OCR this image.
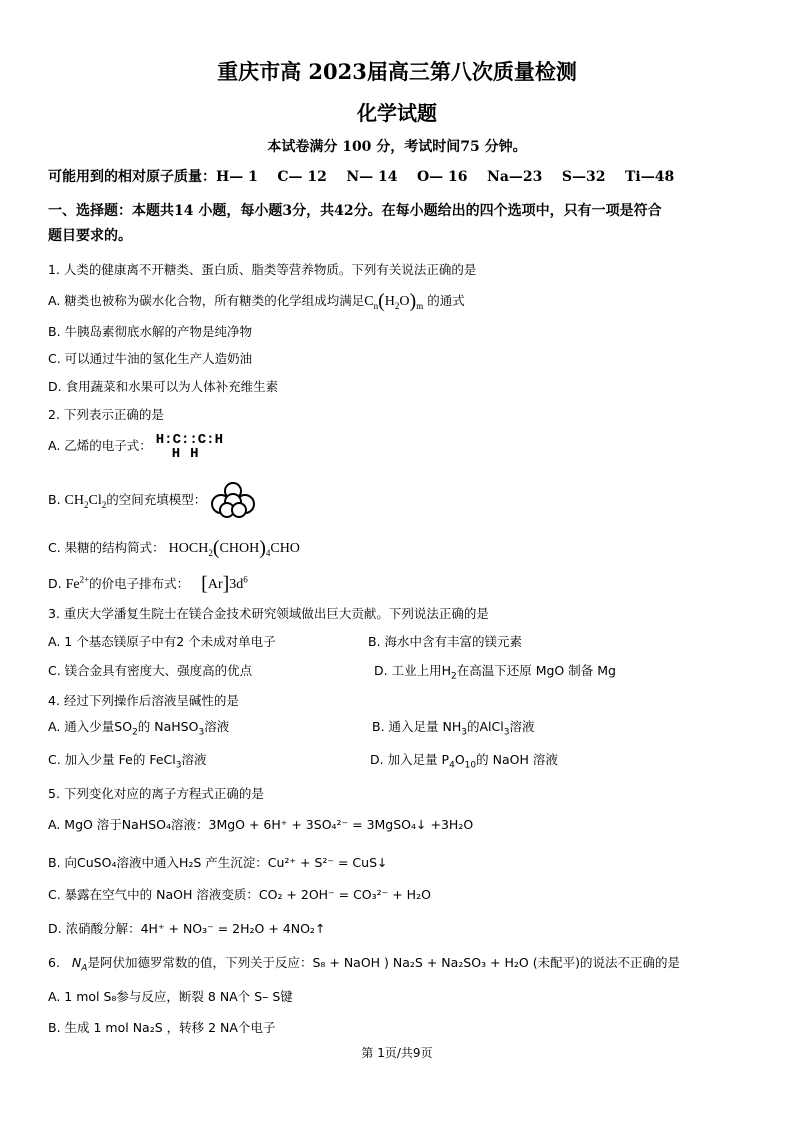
重庆市高 2023届高三第八次质量检测
化学试题
本试卷满分 100 分，考试时间75 分钟。
可能用到的相对原子质量：H— 1    C— 12    N— 14    O— 16    Na—23    S—32    Ti—48
一、选择题：本题共14 小题，每小题3分，共42分。在每小题给出的四个选项中，只有一项是符合
题目要求的。
1. 人类的健康离不开糖类、蛋白质、脂类等营养物质。下列有关说法正确的是
A. 糖类也被称为碳水化合物，所有糖类的化学组成均满足$C_n(H_2O)_m$ 的通式
B. 牛胰岛素彻底水解的产物是纯净物
C. 可以通过牛油的氢化生产人造奶油
D. 食用蔬菜和水果可以为人体补充维生素
2. 下列表示正确的是
A. 乙烯的电子式： H:C::C:H
HH
B. $CH_2Cl_2$的空间充填模型：
C. 果糖的结构简式： $HOCH_2(CHOH)_4CHO$
D. $Fe^{2+}$的价电子排布式： $[Ar]3d^6$
3. 重庆大学潘复生院士在镁合金技术研究领域做出巨大贡献。下列说法正确的是
A. 1 个基态镁原子中有2 个未成对单电子	B. 海水中含有丰富的镁元素
C. 镁合金具有密度大、强度高的优点	D. 工业上用$H_2$在高温下还原 MgO 制备 Mg
4. 经过下列操作后溶液呈碱性的是
A. 通入少量$SO_2$的 NaHSO$_3$溶液	B. 通入足量 $NH_3$的AlCl$_3$溶液
C. 加入少量 Fe的 FeCl$_3$溶液	D. 加入足量 $P_4O_{10}$的 NaOH 溶液
5. 下列变化对应的离子方程式正确的是
A. MgO 溶于NaHSO₄溶液：3MgO + 6H⁺ + 3SO₄²⁻ = 3MgSO₄↓ +3H₂O
B. 向CuSO₄溶液中通入H₂S 产生沉淀：Cu²⁺ + S²⁻ = CuS↓
C. 暴露在空气中的 NaOH 溶液变质：CO₂ + 2OH⁻ = CO₃²⁻ + H₂O
D. 浓硝酸分解：4H⁺ + NO₃⁻ = 2H₂O + 4NO₂↑
6. $N_A$是阿伏加德罗常数的值，下列关于反应：S₈ + NaOH ) Na₂S + Na₂SO₃ + H₂O (未配平)的说法不正确的是
A. 1 mol S₈参与反应，断裂 8 NA个 S– S键
B. 生成 1 mol Na₂S ，转移 2 NA个电子
第 1页/共9页
